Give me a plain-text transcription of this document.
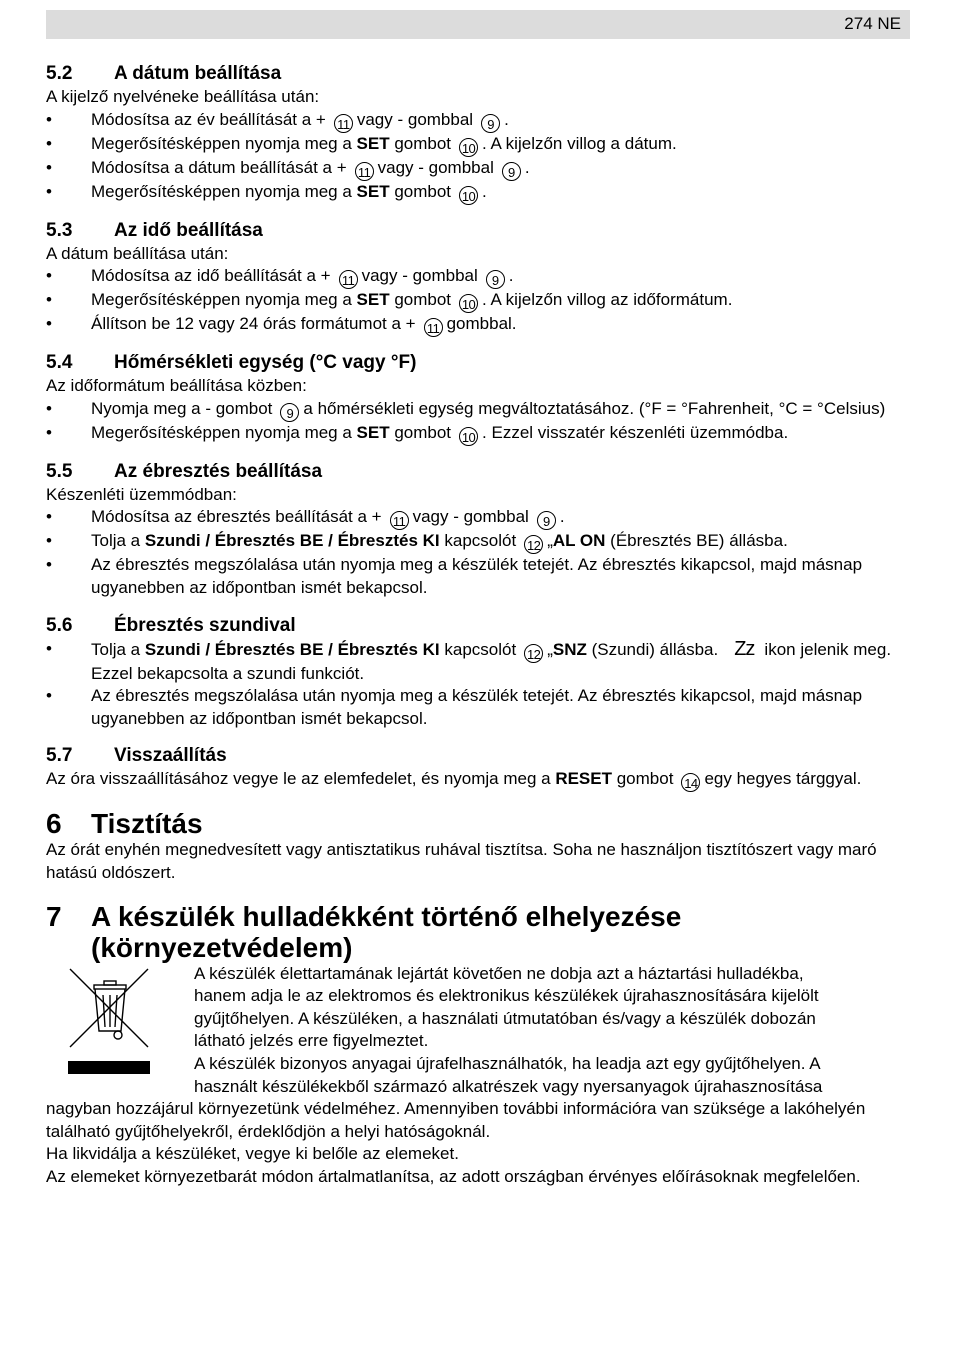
274 NE
5.2	A dátum beállítása

A kijelző nyelvéneke beállítása után:

• Módosítsa az év beállítását a + 11 vagy - gombbal 9 .
• Megerősítésképpen nyomja meg a SET gombot 10 . A kijelzőn villog a dátum.
• Módosítsa a dátum beállítását a + 11 vagy - gombbal 9 .
• Megerősítésképpen nyomja meg a SET gombot 10 .
5.3	Az idő beállítása

A dátum beállítása után:

• Módosítsa az idő beállítását a + 11 vagy - gombbal 9 .
• Megerősítésképpen nyomja meg a SET gombot 10 . A kijelzőn villog az időformátum.
• Állítson be 12 vagy 24 órás formátumot a + 11 gombbal.
5.4	Hőmérsékleti egység (°C vagy °F)

Az időformátum beállítása közben:

• Nyomja meg a - gombot 9 a hőmérsékleti egység megváltoztatásához. (°F = °Fahrenheit, °C = °Celsius)
• Megerősítésképpen nyomja meg a SET gombot 10 . Ezzel visszatér készenléti üzemmódba.
5.5	Az ébresztés beállítása

Készenléti üzemmódban:

• Módosítsa az ébresztés beállítását a + 11 vagy - gombbal 9 .
• Tolja a Szundi / Ébresztés BE / Ébresztés KI kapcsolót 12 „AL ON (Ébresztés BE) állásba.
• Az ébresztés megszólalása után nyomja meg a készülék tetejét. Az ébresztés kikapcsol, majd másnap ugyanebben az időpontban ismét bekapcsol.
5.6	Ébresztés szundival
• Tolja a Szundi / Ébresztés BE / Ébresztés KI kapcsolót 12 „SNZ (Szundi) állásba. Zz ikon jelenik meg. Ezzel bekapcsolta a szundi funkciót.
• Az ébresztés megszólalása után nyomja meg a készülék tetejét. Az ébresztés kikapcsol, majd másnap ugyanebben az időpontban ismét bekapcsol.
5.7	Visszaállítás

Az óra visszaállításához vegye le az elemfedelet, és nyomja meg a RESET gombot 14 egy hegyes tárggyal.

6	Tisztítás

Az órát enyhén megnedvesített vagy antisztatikus ruhával tisztítsa. Soha ne használjon tisztítószert vagy maró hatású oldószert.

7	A készülék hulladékként történő elhelyezése (környezetvédelem)
A készülék élettartamának lejártát követően ne dobja azt a háztartási hulladékba,
hanem adja le az elektromos és elektronikus készülékek újrahasznosítására kijelölt
gyűjtőhelyen. A készüléken, a használati útmutatóban és/vagy a készülék dobozán
látható jelzés erre figyelmeztet.
A készülék bizonyos anyagai újrafelhasználhatók, ha leadja azt egy gyűjtőhelyen. A
használt készülékekből származó alkatrészek vagy nyersanyagok újrahasznosítása

nagyban hozzájárul környezetünk védelméhez. Amennyiben további információra van szüksége a lakóhelyén található gyűjtőhelyekről, érdeklődjön a helyi hatóságoknál.

Ha likvidálja a készüléket, vegye ki belőle az elemeket.

Az elemeket környezetbarát módon ártalmatlanítsa, az adott országban érvényes előírásoknak megfelelően.
